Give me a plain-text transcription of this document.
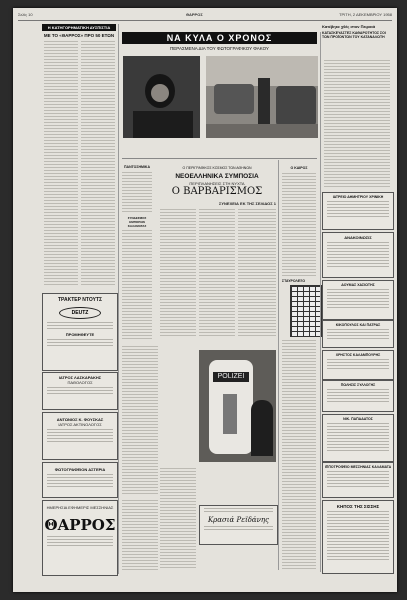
Σελίς 10	ΘΑΡΡΟΣ	ΤΡΙΤΗ, 2 ΔΕΚΕΜΒΡΙΟΥ 1958
Η ΚΑΤΗΓΟΡΗΜΑΤΙΚΗ ΔΥΣΠΙΣΤΙΑ
ΜΕ ΤΟ «ΘΑΡΡΟΣ» ΠΡΟ 50 ΕΤΩΝ
ΤΡΑΚΤΕΡ ΝΤΟΥΤΣ
DEUTZ
ΠΡΟΜΗΘΕΥΤΕ
ΙΑΤΡΟΣ ΛΑΣΚΑΡΑΚΗΣ
ΠΑΘΟΛΟΓΟΣ
ΑΝΤΩΝΙΟΣ Κ. ΦΟΥΣΚΑΣ
ΙΑΤΡΟΣ ΑΚΤΙΝΟΛΟΓΟΣ
ΦΩΤΟΓΡΑΦΕΙΟΝ ΑΣΤΕΡΙΑ
ΗΜΕΡΗΣΙΑ ΕΦΗΜΕΡΙΣ ΜΕΣΣΗΝΙΑΣ
ΘΑΡΡΟΣ
ΝΑ ΚΥΛΑ Ο ΧΡΟΝΟΣ
ΠΕΡΑΣΜΕΝΑ ΔΙΑ ΤΟΥ ΦΩΤΟΓΡΑΦΙΚΟΥ ΦΑΚΟΥ
ΠΑΝΤΟΣΗΜΙΚΑ
ΣΥΝΔΕΣΜΟΣ ΕΜΠΟΡΩΝ ΚΑΛΑΜΑΤΑΣ
Ο ΠΕΡΙΓΡΑΦΙΚΟΣ ΚΟΣΜΟΣ ΤΩΝ ΑΘΗΝΩΝ
ΝΕΟΕΛΛΗΝΙΚΑ ΣΥΜΠΟΣΙΑ
ΠΕΡΙΠΛΑΝΗΣΕΙΣ ΣΤΗ ΝΥΧΤΑ
Ο ΒΑΡΒΑΡΙΣΜΟΣ
ΣΥΝΕΧΕΙΑ ΕΚ ΤΗΣ ΣΕΛΙΔΟΣ 1
POLIZEI
Κρασιά Ρεϊδάνης
Ο ΚΑΙΡΟΣ
ΣΤΑΥΡΟΛΕΞΟ
Κατέβηκε χθές στον Πειραιά
ΚΑΤΑΣΚΕΥΑΣΤΕΣ ΚΑΘΑΡΟΤΗΤΟΣ ΣΟΙ ΤΩΝ ΠΡΟΪΟΝΤΩΝ ΤΟΥ ΚΑΤΑΝΑΛΩΤΗ
ΙΑΤΡΕΙΟ ΔΗΜΗΤΡΙΟΥ ΧΡΙΝΙΚΗ
ΑΝΑΚΟΙΝΩΣΙΣ
ΔΟΥΜΑΣ ΧΑΣΙΩΤΗΣ
ΚΙΚΟΠΟΥΛΟΣ ΚΑΙ ΠΑΤΡΑΣ
ΧΡΗΣΤΟΣ ΚΑΛΑΜΠΟΥΡΗΣ
ΠΩΛΗΣΙΣ ΣΥΛΛΟΓΗΣ
ΝΙΚ. ΠΑΠΑΔΑΤΟΣ
ΙΠΠΟΤΡΟΦΕΙΟ ΜΕΣΣΗΝΙΑΣ ΚΑΛΑΜΑΤΑ
ΚΗΠΟΣ ΤΗΣ ΣΙΣΣΗΣ
